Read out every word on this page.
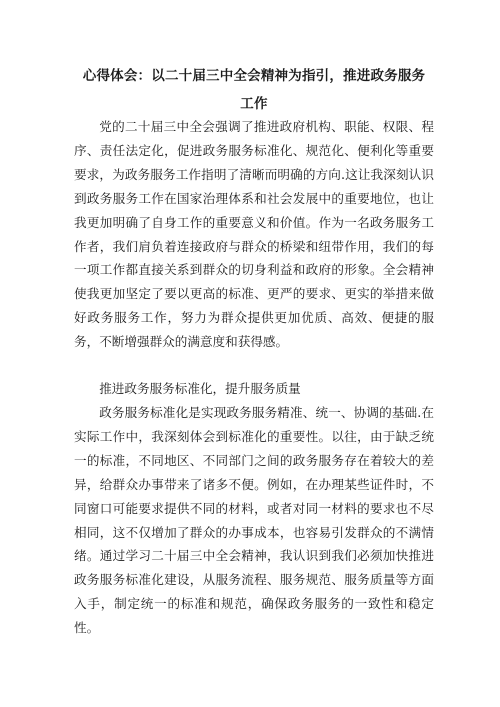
心得体会：以二十届三中全会精神为指引，推进政务服务工作

党的二十届三中全会强调了推进政府机构、职能、权限、程序、责任法定化，促进政务服务标准化、规范化、便利化等重要要求，为政务服务工作指明了清晰而明确的方向.这让我深刻认识到政务服务工作在国家治理体系和社会发展中的重要地位，也让我更加明确了自身工作的重要意义和价值。作为一名政务服务工作者，我们肩负着连接政府与群众的桥梁和纽带作用，我们的每一项工作都直接关系到群众的切身利益和政府的形象。全会精神使我更加坚定了要以更高的标准、更严的要求、更实的举措来做好政务服务工作，努力为群众提供更加优质、高效、便捷的服务，不断增强群众的满意度和获得感。

推进政务服务标准化，提升服务质量

政务服务标准化是实现政务服务精准、统一、协调的基础.在实际工作中，我深刻体会到标准化的重要性。以往，由于缺乏统一的标准，不同地区、不同部门之间的政务服务存在着较大的差异，给群众办事带来了诸多不便。例如，在办理某些证件时，不同窗口可能要求提供不同的材料，或者对同一材料的要求也不尽相同，这不仅增加了群众的办事成本，也容易引发群众的不满情绪。通过学习二十届三中全会精神，我认识到我们必须加快推进政务服务标准化建设，从服务流程、服务规范、服务质量等方面入手，制定统一的标准和规范，确保政务服务的一致性和稳定性。
